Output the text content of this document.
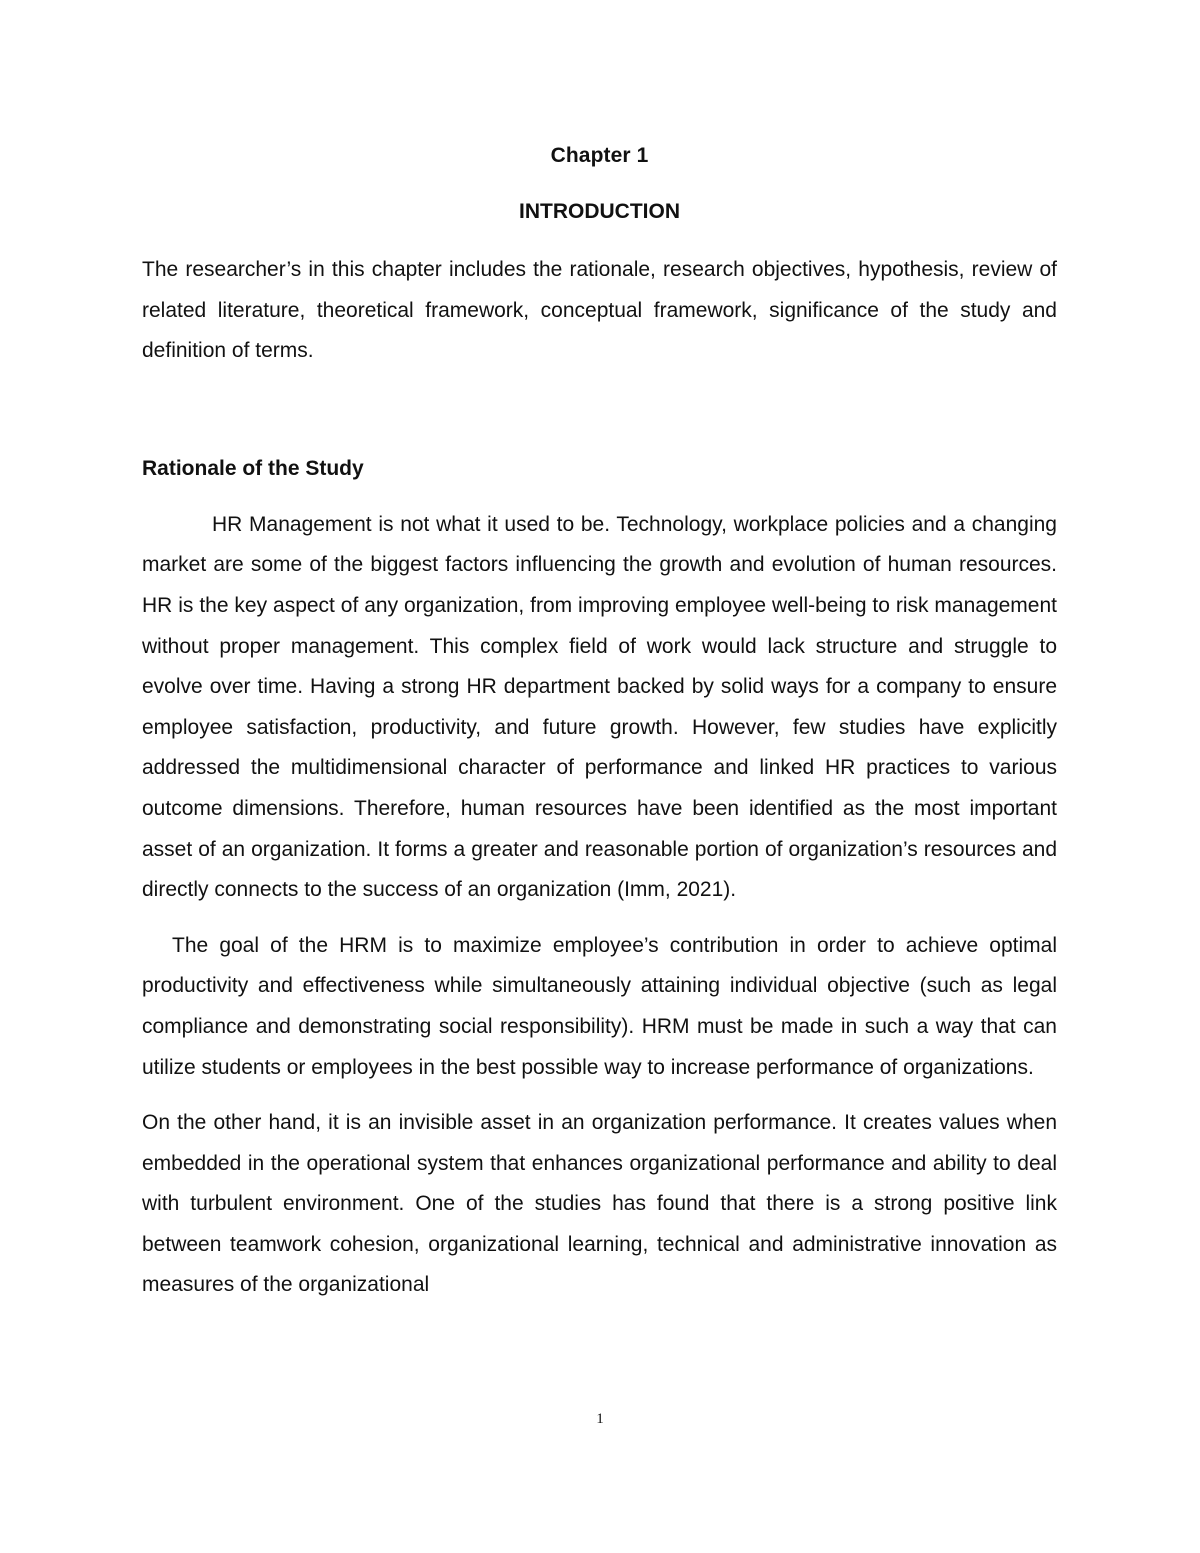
Chapter 1

INTRODUCTION

The researcher’s in this chapter includes the rationale, research objectives, hypothesis, review of related literature, theoretical framework, conceptual framework, significance of the study and definition of terms.

Rationale of the Study

HR Management is not what it used to be. Technology, workplace policies and a changing market are some of the biggest factors influencing the growth and evolution of human resources. HR is the key aspect of any organization, from improving employee well-being to risk management without proper management. This complex field of work would lack structure and struggle to evolve over time. Having a strong HR department backed by solid ways for a company to ensure employee satisfaction, productivity, and future growth. However, few studies have explicitly addressed the multidimensional character of performance and linked HR practices to various outcome dimensions. Therefore, human resources have been identified as the most important asset of an organization. It forms a greater and reasonable portion of organization’s resources and directly connects to the success of an organization (Imm, 2021).

The goal of the HRM is to maximize employee’s contribution in order to achieve optimal productivity and effectiveness while simultaneously attaining individual objective (such as legal compliance and demonstrating social responsibility). HRM must be made in such a way that can utilize students or employees in the best possible way to increase performance of organizations.

On the other hand, it is an invisible asset in an organization performance. It creates values when embedded in the operational system that enhances organizational performance and ability to deal with turbulent environment. One of the studies has found that there is a strong positive link between teamwork cohesion, organizational learning, technical and administrative innovation as measures of the organizational

1
